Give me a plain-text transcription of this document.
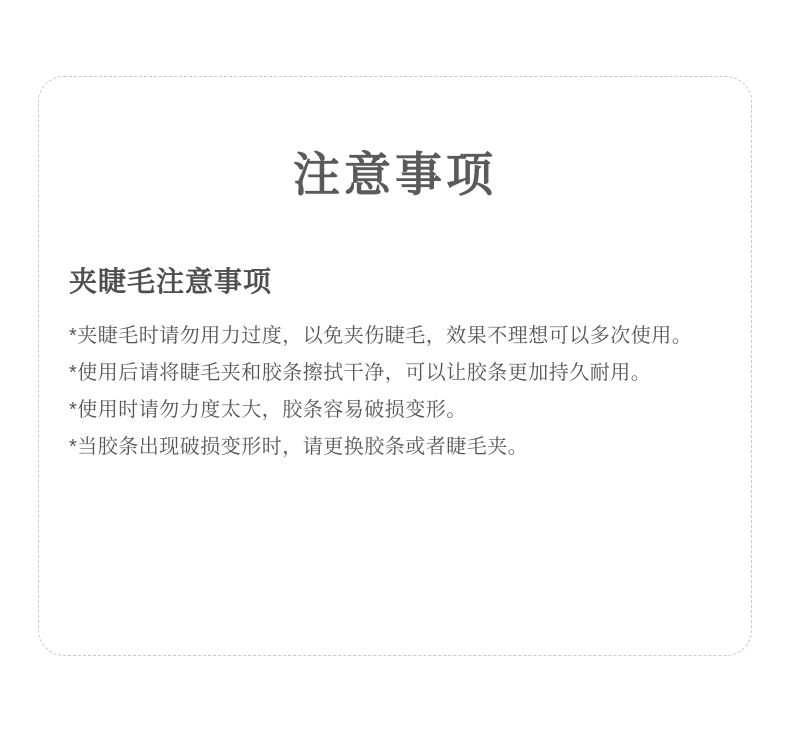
注意事项
夹睫毛注意事项
*夹睫毛时请勿用力过度，以免夹伤睫毛，效果不理想可以多次使用。
*使用后请将睫毛夹和胶条擦拭干净，可以让胶条更加持久耐用。
*使用时请勿力度太大，胶条容易破损变形。
*当胶条出现破损变形时，请更换胶条或者睫毛夹。
